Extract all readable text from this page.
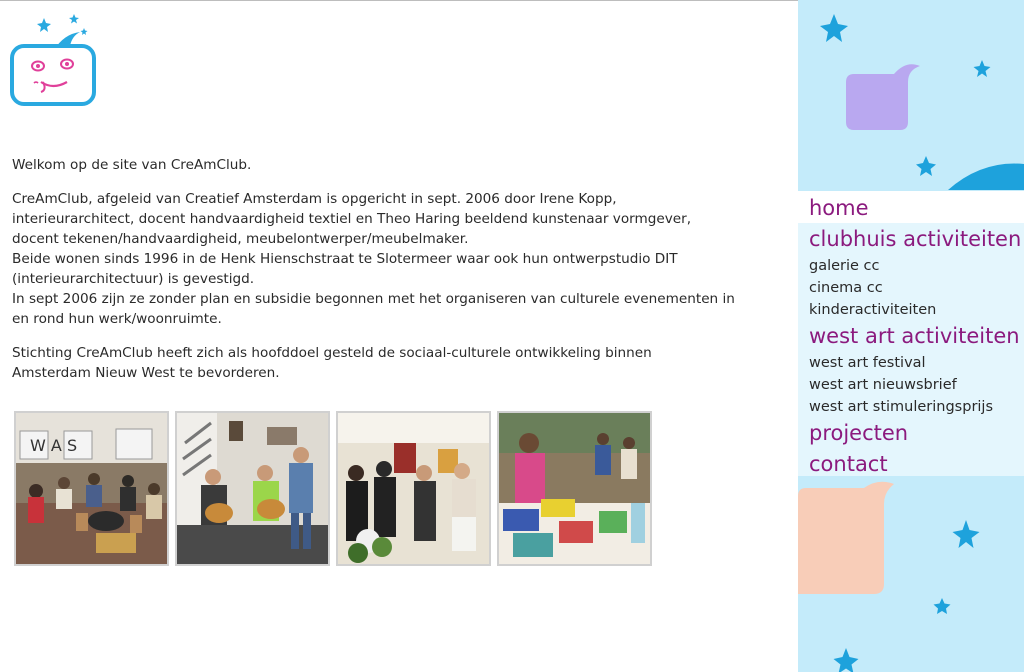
Welkom op de site van CreAmClub.

CreAmClub, afgeleid van Creatief Amsterdam is opgericht in sept. 2006 door Irene Kopp,
interieurarchitect, docent handvaardigheid textiel en Theo Haring beeldend kunstenaar vormgever,
docent tekenen/handvaardigheid, meubelontwerper/meubelmaker.
Beide wonen sinds 1996 in de Henk Hienschstraat te Slotermeer waar ook hun ontwerpstudio DIT
(interieurarchitectuur) is gevestigd.
In sept 2006 zijn ze zonder plan en subsidie begonnen met het organiseren van culturele evenementen in
en rond hun werk/woonruimte.

Stichting CreAmClub heeft zich als hoofddoel gesteld de sociaal-culturele ontwikkeling binnen
Amsterdam Nieuw West te bevorderen.

W A S
home
clubhuis activiteiten
galerie cc
cinema cc
kinderactiviteiten
west art activiteiten
west art festival
west art nieuwsbrief
west art stimuleringsprijs
projecten
contact
